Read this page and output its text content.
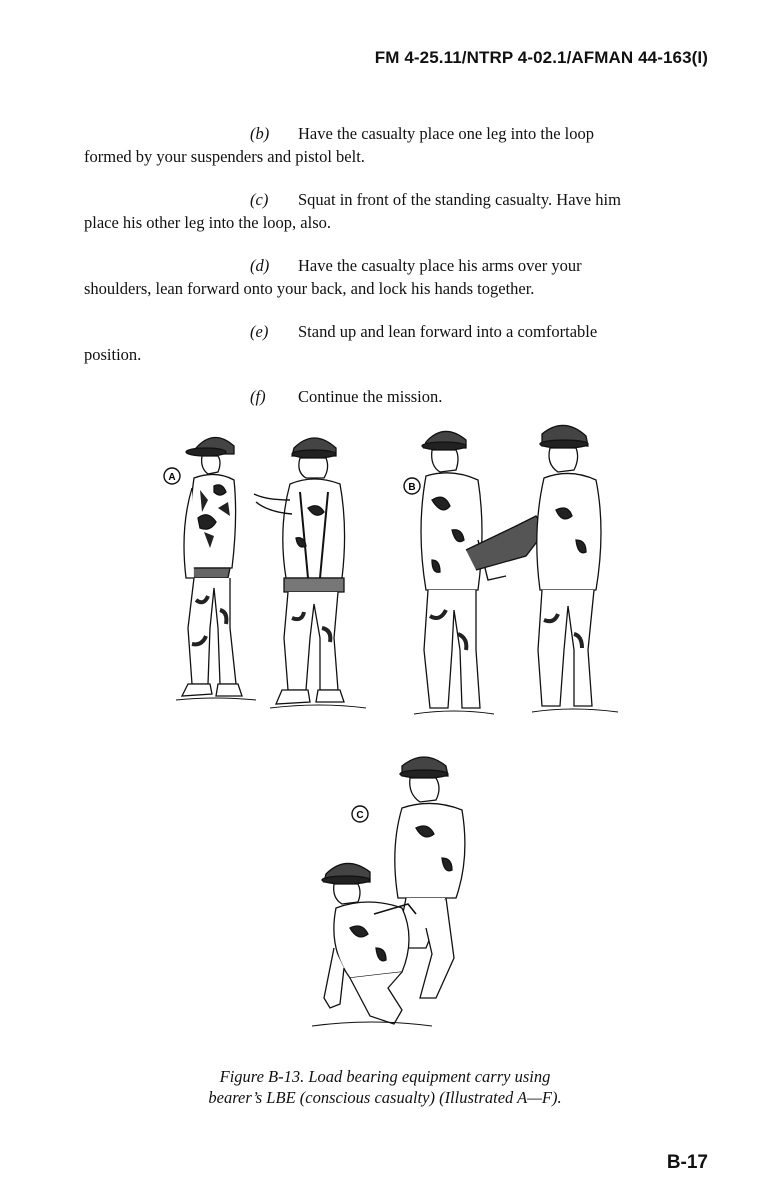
FM 4-25.11/NTRP 4-02.1/AFMAN 44-163(I)
(b) Have the casualty place one leg into the loop
formed by your suspenders and pistol belt.
(c) Squat in front of the standing casualty. Have him
place his other leg into the loop, also.
(d) Have the casualty place his arms over your
shoulders, lean forward onto your back, and lock his hands together.
(e) Stand up and lean forward into a comfortable
position.
(f) Continue the mission.
A
B
C
Figure B-13. Load bearing equipment carry using
bearer’s LBE (conscious casualty) (Illustrated A—F).
B-17
